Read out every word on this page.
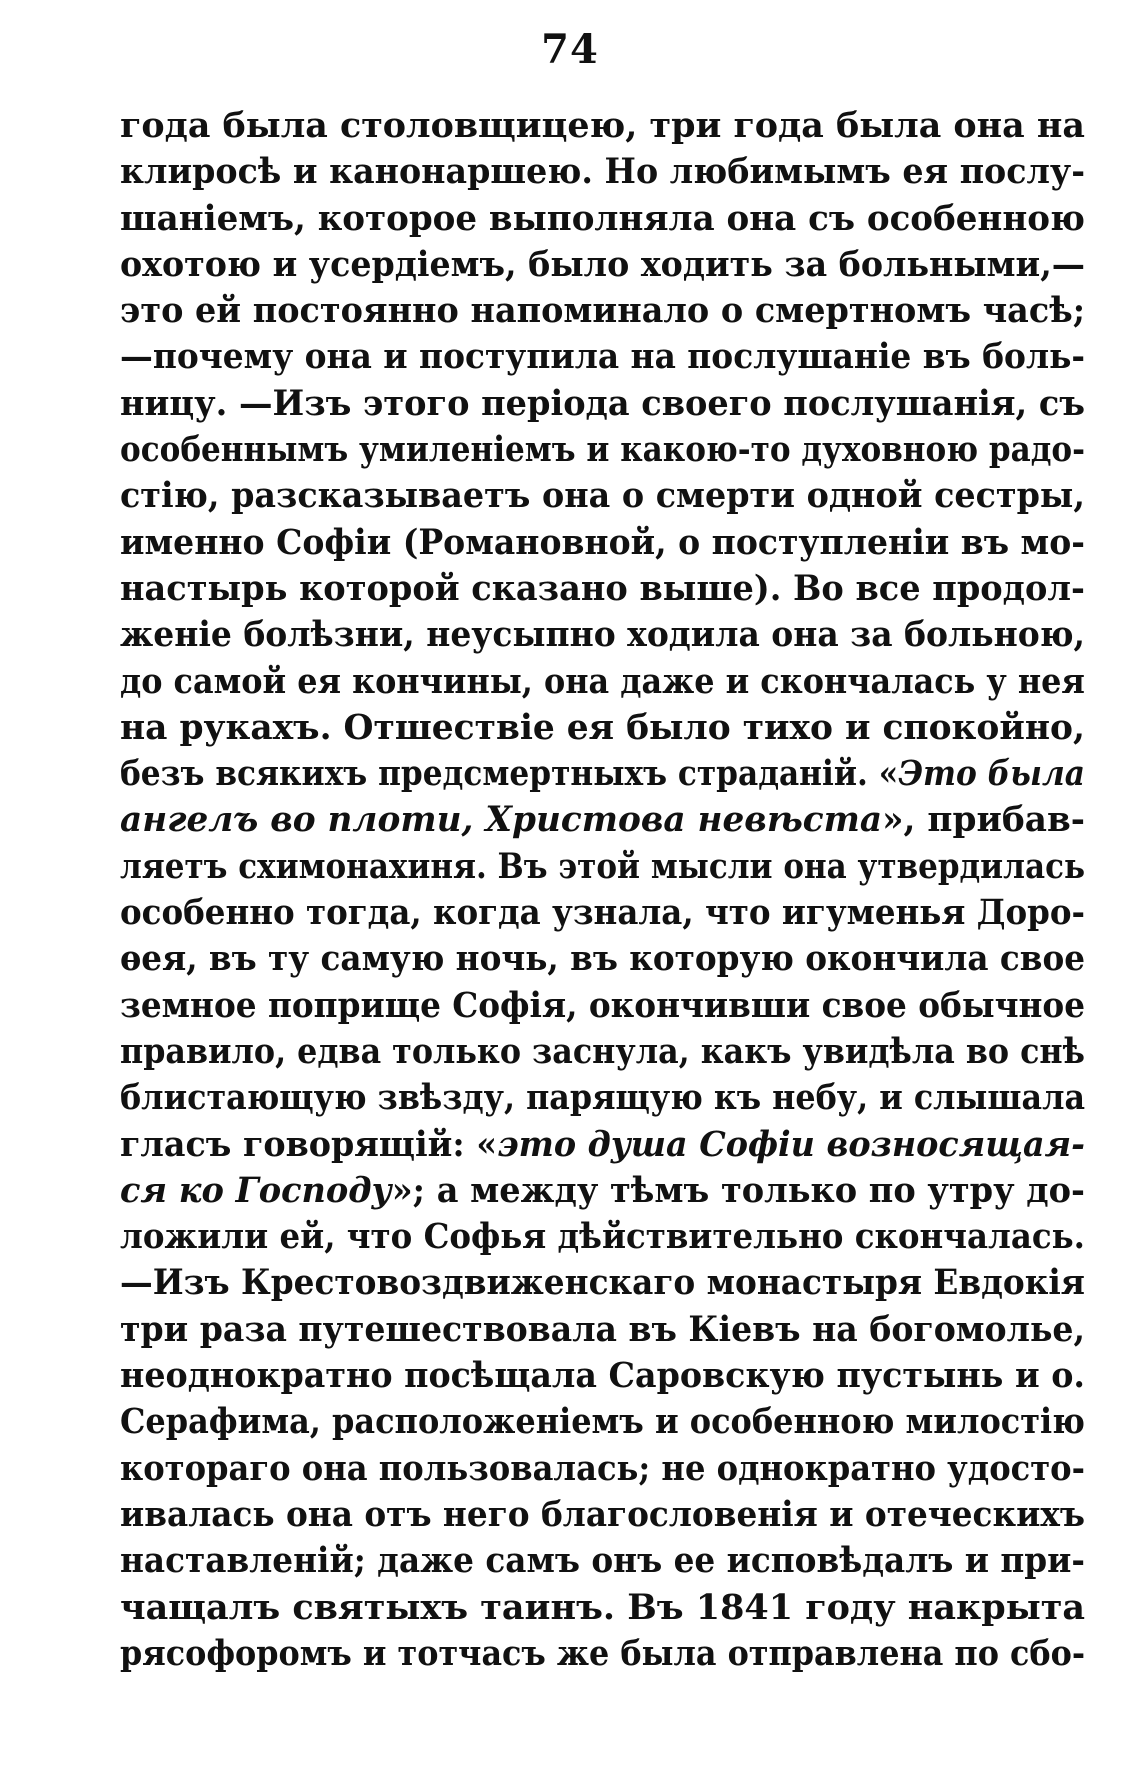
74
года была столовщицею, три года была она на
клиросѣ и канонаршею. Но любимымъ ея послу-
шаніемъ, которое выполняла она съ особенною
охотою и усердіемъ, было ходить за больными,—
это ей постоянно напоминало о смертномъ часѣ;
—почему она и поступила на послушаніе въ боль-
ницу. —Изъ этого періода своего послушанія, съ
особеннымъ умиленіемъ и какою-то духовною радо-
стію, разсказываетъ она о смерти одной сестры,
именно Софіи (Романовной, о поступленіи въ мо-
настырь которой сказано выше). Во все продол-
женіе болѣзни, неусыпно ходила она за больною,
до самой ея кончины, она даже и скончалась у нея
на рукахъ. Отшествіе ея было тихо и спокойно,
безъ всякихъ предсмертныхъ страданій. «Это была
ангелъ во плоти, Христова невѣста», прибав-
ляетъ схимонахиня. Въ этой мысли она утвердилась
особенно тогда, когда узнала, что игуменья Доро-
ѳея, въ ту самую ночь, въ которую окончила свое
земное поприще Софія, окончивши свое обычное
правило, едва только заснула, какъ увидѣла во снѣ
блистающую звѣзду, парящую къ небу, и слышала
гласъ говорящій: «это душа Софіи возносящая-
ся ко Господу»; а между тѣмъ только по утру до-
ложили ей, что Софья дѣйствительно скончалась.
—Изъ Крестовоздвиженскаго монастыря Евдокія
три раза путешествовала въ Кіевъ на богомолье,
неоднократно посѣщала Саровскую пустынь и о.
Серафима, расположеніемъ и особенною милостію
котораго она пользовалась; не однократно удосто-
ивалась она отъ него благословенія и отеческихъ
наставленій; даже самъ онъ ее исповѣдалъ и при-
чащалъ святыхъ таинъ. Въ 1841 году накрыта
рясофоромъ и тотчасъ же была отправлена по сбо-
